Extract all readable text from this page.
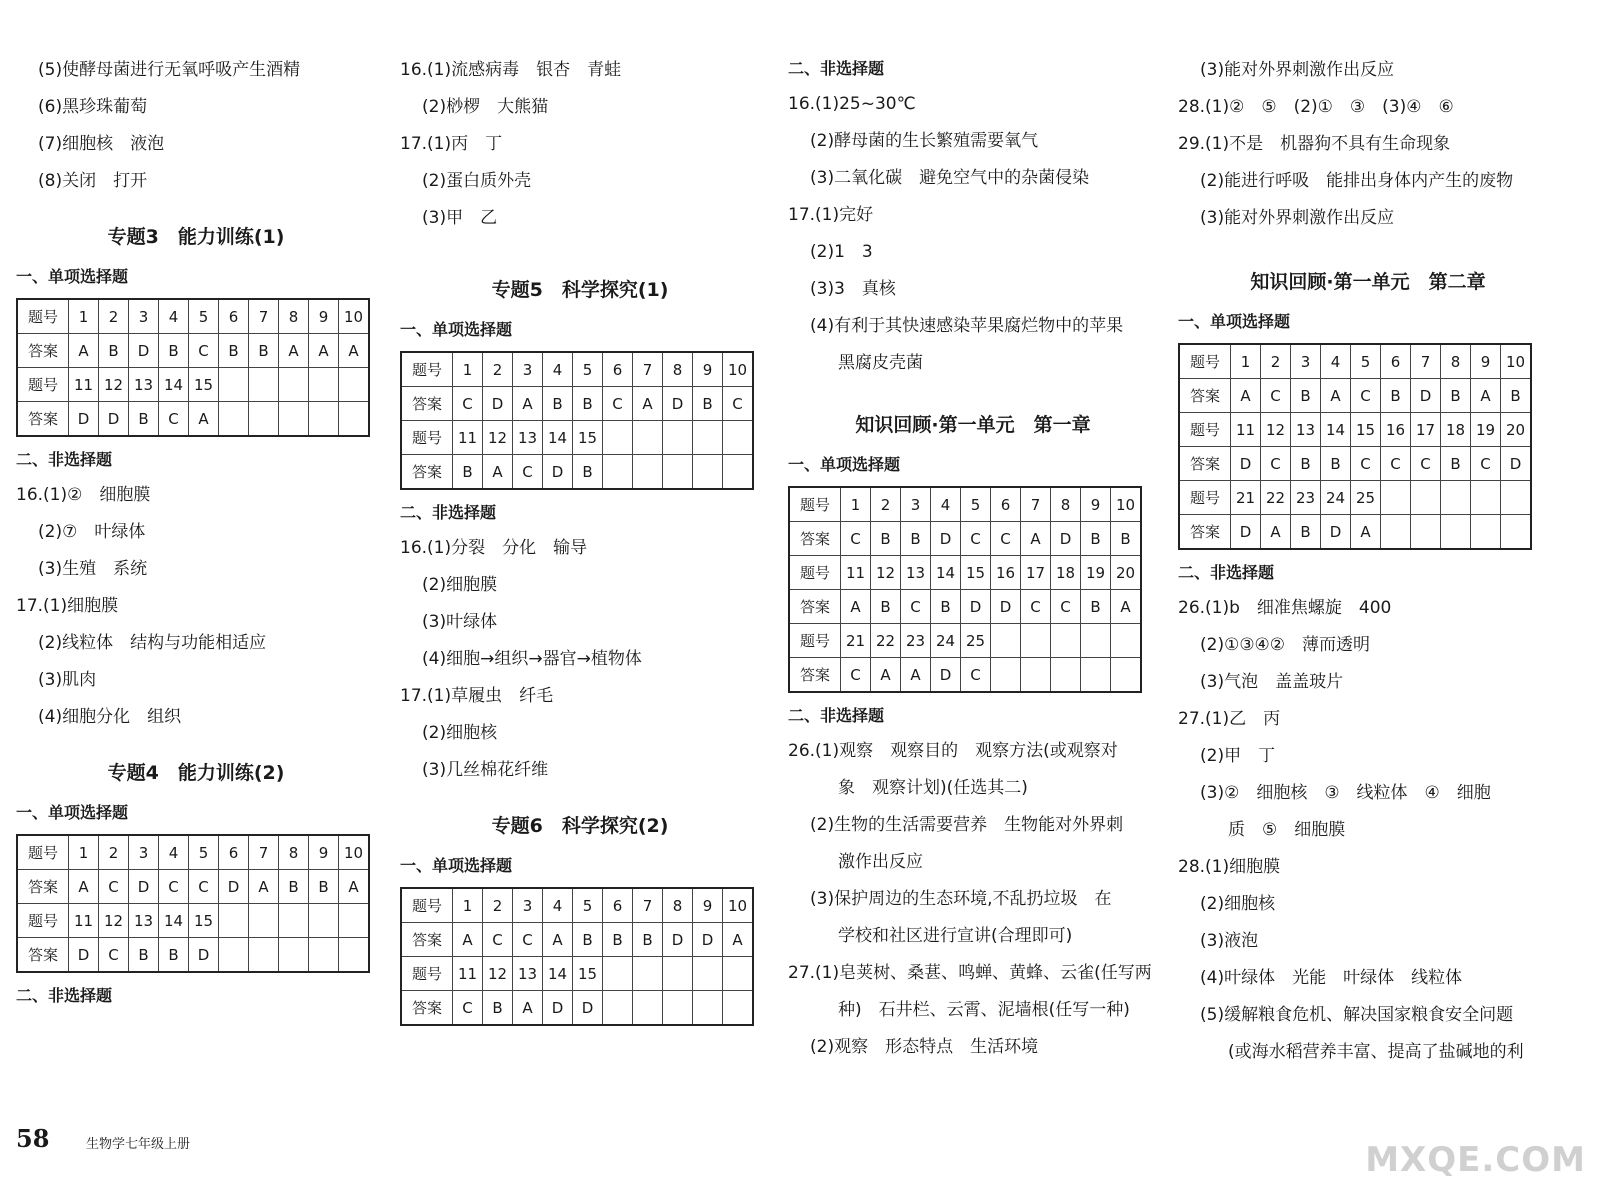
(5)使酵母菌进行无氧呼吸产生酒精
(6)黑珍珠葡萄
(7)细胞核　液泡
(8)关闭　打开
专题3　能力训练(1)
一、单项选择题
题号	1	2	3	4	5	6	7	8	9	10
答案	A	B	D	B	C	B	B	A	A	A
题号	11	12	13	14	15					
答案	D	D	B	C	A					
二、非选择题
16.(1)②　细胞膜
(2)⑦　叶绿体
(3)生殖　系统
17.(1)细胞膜
(2)线粒体　结构与功能相适应
(3)肌肉
(4)细胞分化　组织
专题4　能力训练(2)
一、单项选择题
题号	1	2	3	4	5	6	7	8	9	10
答案	A	C	D	C	C	D	A	B	B	A
题号	11	12	13	14	15					
答案	D	C	B	B	D					
二、非选择题
16.(1)流感病毒　银杏　青蛙
(2)桫椤　大熊猫
17.(1)丙　丁
(2)蛋白质外壳
(3)甲　乙
专题5　科学探究(1)
一、单项选择题
题号	1	2	3	4	5	6	7	8	9	10
答案	C	D	A	B	B	C	A	D	B	C
题号	11	12	13	14	15					
答案	B	A	C	D	B					
二、非选择题
16.(1)分裂　分化　输导
(2)细胞膜
(3)叶绿体
(4)细胞→组织→器官→植物体
17.(1)草履虫　纤毛
(2)细胞核
(3)几丝棉花纤维
专题6　科学探究(2)
一、单项选择题
题号	1	2	3	4	5	6	7	8	9	10
答案	A	C	C	A	B	B	B	D	D	A
题号	11	12	13	14	15					
答案	C	B	A	D	D					
二、非选择题
16.(1)25~30℃
(2)酵母菌的生长繁殖需要氧气
(3)二氧化碳　避免空气中的杂菌侵染
17.(1)完好
(2)1　3
(3)3　真核
(4)有利于其快速感染苹果腐烂物中的苹果
黑腐皮壳菌
知识回顾·第一单元　第一章
一、单项选择题
题号	1	2	3	4	5	6	7	8	9	10
答案	C	B	B	D	C	C	A	D	B	B
题号	11	12	13	14	15	16	17	18	19	20
答案	A	B	C	B	D	D	C	C	B	A
题号	21	22	23	24	25					
答案	C	A	A	D	C					
二、非选择题
26.(1)观察　观察目的　观察方法(或观察对
象　观察计划)(任选其二)
(2)生物的生活需要营养　生物能对外界刺
激作出反应
(3)保护周边的生态环境,不乱扔垃圾　在
学校和社区进行宣讲(合理即可)
27.(1)皂荚树、桑葚、鸣蝉、黄蜂、云雀(任写两
种)　石井栏、云霄、泥墙根(任写一种)
(2)观察　形态特点　生活环境
(3)能对外界刺激作出反应
28.(1)②　⑤　(2)①　③　(3)④　⑥
29.(1)不是　机器狗不具有生命现象
(2)能进行呼吸　能排出身体内产生的废物
(3)能对外界刺激作出反应
知识回顾·第一单元　第二章
一、单项选择题
题号	1	2	3	4	5	6	7	8	9	10
答案	A	C	B	A	C	B	D	B	A	B
题号	11	12	13	14	15	16	17	18	19	20
答案	D	C	B	B	C	C	C	B	C	D
题号	21	22	23	24	25					
答案	D	A	B	D	A					
二、非选择题
26.(1)b　细准焦螺旋　400
(2)①③④②　薄而透明
(3)气泡　盖盖玻片
27.(1)乙　丙
(2)甲　丁
(3)②　细胞核　③　线粒体　④　细胞
质　⑤　细胞膜
28.(1)细胞膜
(2)细胞核
(3)液泡
(4)叶绿体　光能　叶绿体　线粒体
(5)缓解粮食危机、解决国家粮食安全问题
(或海水稻营养丰富、提高了盐碱地的利
58	生物学七年级上册	MXQE.COM
